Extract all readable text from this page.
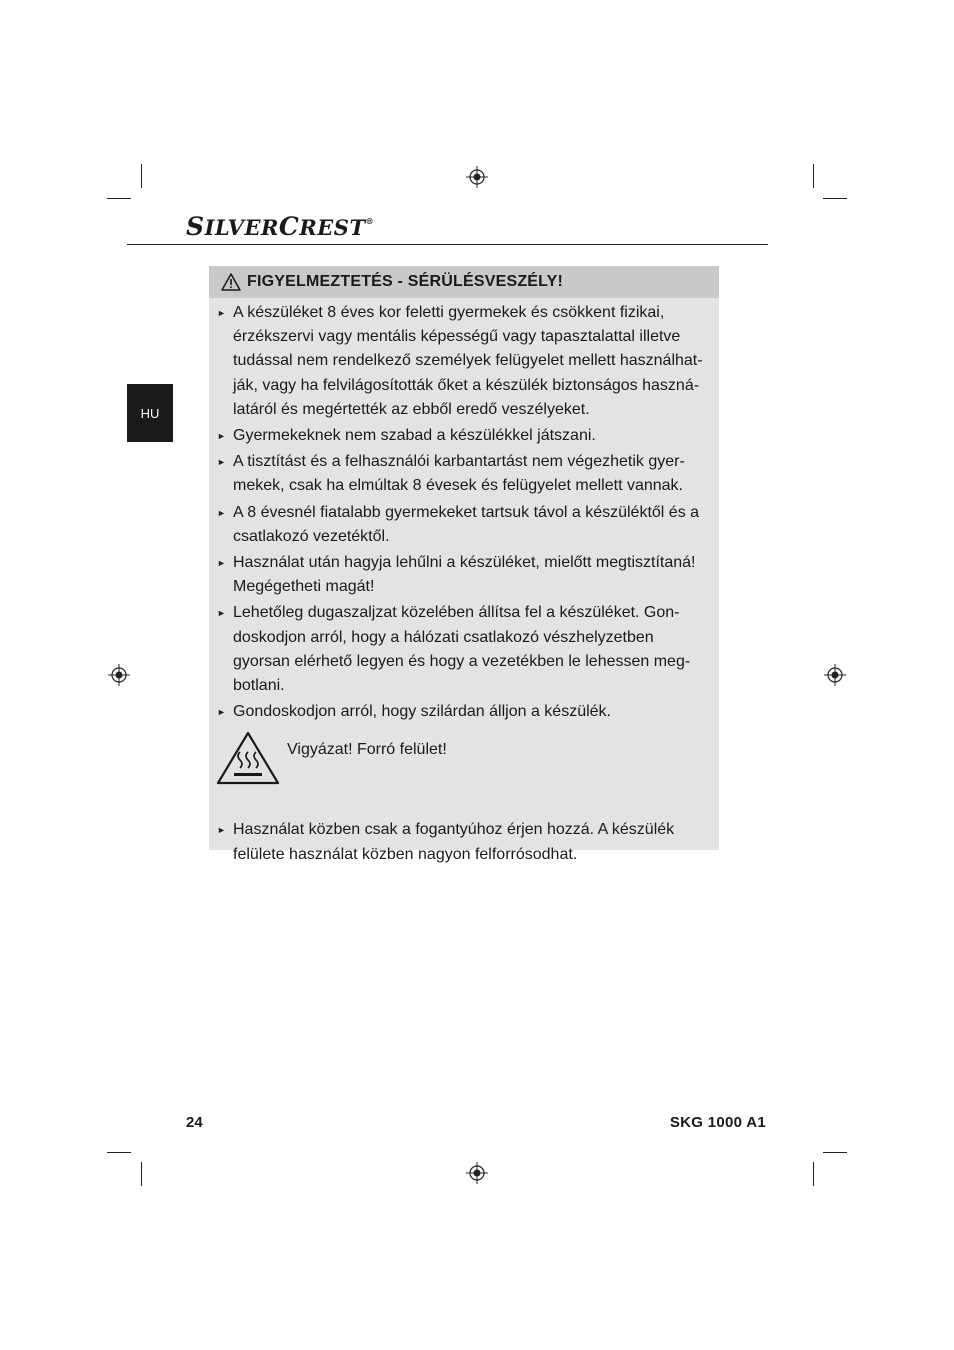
SILVERCREST®
HU
FIGYELMEZTETÉS - SÉRÜLÉSVESZÉLY!
► A készüléket 8 éves kor feletti gyermekek és csökkent fizikai, érzékszervi vagy mentális képességű vagy tapasztalattal illetve tudással nem rendelkező személyek felügyelet mellett használhat-ják, vagy ha felvilágosították őket a készülék biztonságos haszná-latáról és megértették az ebből eredő veszélyeket.
► Gyermekeknek nem szabad a készülékkel játszani.
► A tisztítást és a felhasználói karbantartást nem végezhetik gyer-mekek, csak ha elmúltak 8 évesek és felügyelet mellett vannak.
► A 8 évesnél fiatalabb gyermekeket tartsuk távol a készüléktől és a csatlakozó vezetéktől.
► Használat után hagyja lehűlni a készüléket, mielőtt megtisztítaná! Megégetheti magát!
► Lehetőleg dugaszaljzat közelében állítsa fel a készüléket. Gon-doskodjon arról, hogy a hálózati csatlakozó vészhelyzetben gyorsan elérhető legyen és hogy a vezetékben le lehessen meg-botlani.
► Gondoskodjon arról, hogy szilárdan álljon a készülék.
Vigyázat! Forró felület!
► Használat közben csak a fogantyúhoz érjen hozzá. A készülék felülete használat közben nagyon felforrósodhat.
24	SKG 1000 A1
